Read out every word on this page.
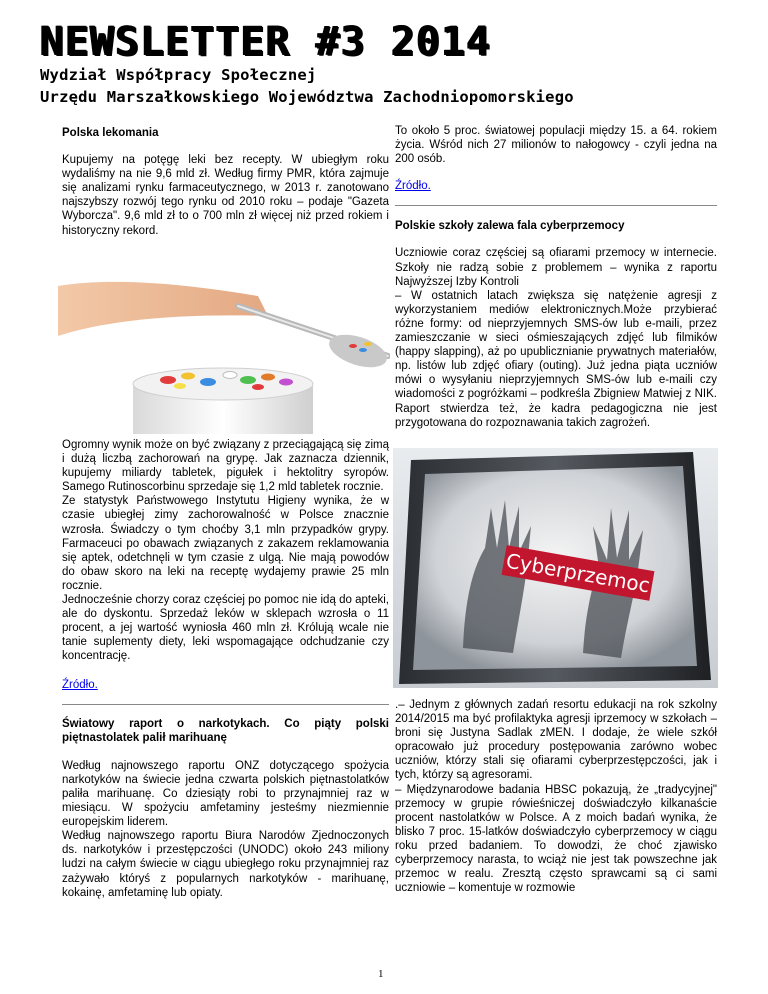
NEWSLETTER #3 2014
Wydział Współpracy Społecznej
Urzędu Marszałkowskiego Województwa Zachodniopomorskiego

Polska lekomania

Kupujemy na potęgę leki bez recepty. W ubiegłym roku wydaliśmy na nie 9,6 mld zł. Według firmy PMR, która zajmuje się analizami rynku farmaceutycznego, w 2013 r. zanotowano najszybszy rozwój tego rynku od 2010 roku – podaje "Gazeta Wyborcza". 9,6 mld zł to o 700 mln zł więcej niż przed rokiem i historyczny rekord.

Ogromny wynik może on być związany z przeciągającą się zimą i dużą liczbą zachorowań na grypę. Jak zaznacza dziennik, kupujemy miliardy tabletek, pigułek i hektolitry syropów. Samego Rutinoscorbinu sprzedaje się 1,2 mld tabletek rocznie.

Ze statystyk Państwowego Instytutu Higieny wynika, że w czasie ubiegłej zimy zachorowalność w Polsce znacznie wzrosła. Świadczy o tym choćby 3,1 mln przypadków grypy. Farmaceuci po obawach związanych z zakazem reklamowania się aptek, odetchnęli w tym czasie z ulgą. Nie mają powodów do obaw skoro na leki na receptę wydajemy prawie 25 mln rocznie.

Jednocześnie chorzy coraz częściej po pomoc nie idą do apteki, ale do dyskontu. Sprzedaż leków w sklepach wzrosła o 11 procent, a jej wartość wyniosła 460 mln zł. Królują wcale nie tanie suplementy diety, leki wspomagające odchudzanie czy koncentrację.

Źródło.

Światowy raport o narkotykach. Co piąty polski piętnastolatek palił marihuanę

Według najnowszego raportu ONZ dotyczącego spożycia narkotyków na świecie jedna czwarta polskich piętnastolatków paliła marihuanę. Co dziesiąty robi to przynajmniej raz w miesiącu. W spożyciu amfetaminy jesteśmy niezmiennie europejskim liderem.

Według najnowszego raportu Biura Narodów Zjednoczonych ds. narkotyków i przestępczości (UNODC) około 243 miliony ludzi na całym świecie w ciągu ubiegłego roku przynajmniej raz zażywało któryś z popularnych narkotyków - marihuanę, kokainę, amfetaminę lub opiaty.

To około 5 proc. światowej populacji między 15. a 64. rokiem życia. Wśród nich 27 milionów to nałogowcy - czyli jedna na 200 osób.

Źródło.

Polskie szkoły zalewa fala cyberprzemocy

Uczniowie coraz częściej są ofiarami przemocy w internecie. Szkoły nie radzą sobie z problemem – wynika z raportu Najwyższej Izby Kontroli

– W ostatnich latach zwiększa się natężenie agresji z wykorzystaniem mediów elektronicznych.Może przybierać różne formy: od nieprzyjemnych SMS-ów lub e-maili, przez zamieszczanie w sieci ośmieszających zdjęć lub filmików (happy slapping), aż po upublicznianie prywatnych materiałów, np. listów lub zdjęć ofiary (outing). Już jedna piąta uczniów mówi o wysyłaniu nieprzyjemnych SMS-ów lub e-maili czy wiadomości z pogróżkami – podkreśla Zbigniew Matwiej z NIK. Raport stwierdza też, że kadra pedagogiczna nie jest przygotowana do rozpoznawania takich zagrożeń.

Cyberprzemoc

.– Jednym z głównych zadań resortu edukacji na rok szkolny 2014/2015 ma być profilaktyka agresji iprzemocy w szkołach – broni się Justyna Sadlak zMEN. I dodaje, że wiele szkół opracowało już procedury postępowania zarówno wobec uczniów, którzy stali się ofiarami cyberprzestępczości, jak i tych, którzy są agresorami.

– Międzynarodowe badania HBSC pokazują, że „tradycyjnej" przemocy w grupie rówieśniczej doświadczyło kilkanaście procent nastolatków w Polsce. A z moich badań wynika, że blisko 7 proc. 15-latków doświadczyło cyberprzemocy w ciągu roku przed badaniem. To dowodzi, że choć zjawisko cyberprzemocy narasta, to wciąż nie jest tak powszechne jak przemoc w realu. Zresztą często sprawcami są ci sami uczniowie – komentuje w rozmowie

1
